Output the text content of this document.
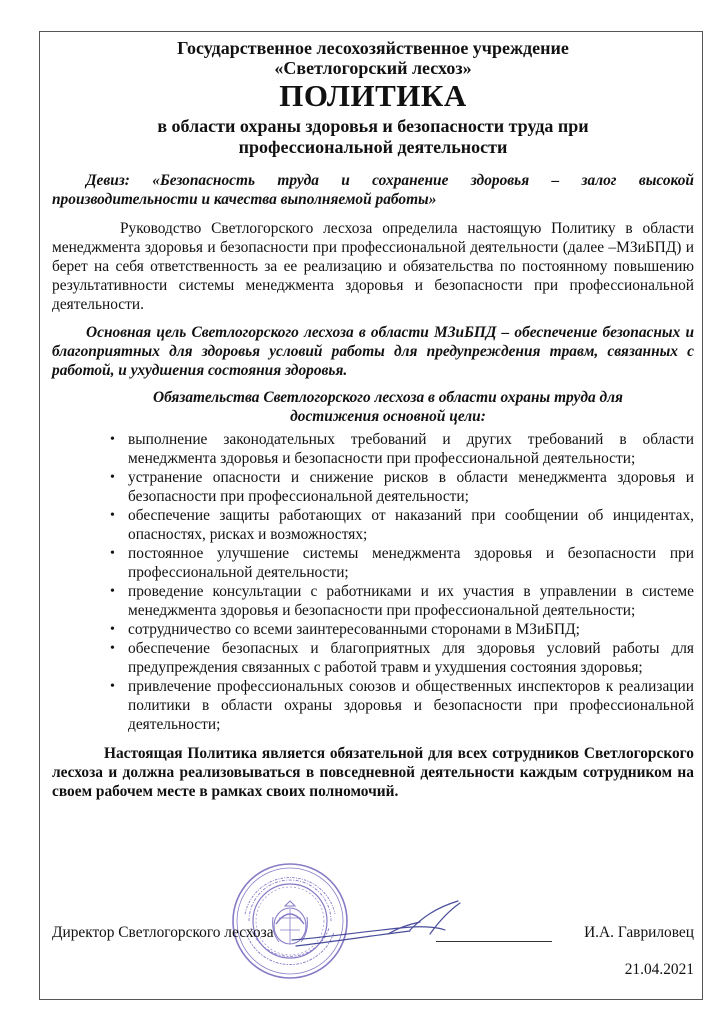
Государственное лесохозяйственное учреждение
«Светлогорский лесхоз»
ПОЛИТИКА
в области охраны здоровья и безопасности труда при
профессиональной деятельности
Девиз: «Безопасность труда и сохранение здоровья – залог высокой производительности и качества выполняемой работы»
Руководство Светлогорского лесхоза определила настоящую Политику в области менеджмента здоровья и безопасности при профессиональной деятельности (далее –МЗиБПД) и берет на себя ответственность за ее реализацию и обязательства по постоянному повышению результативности системы менеджмента здоровья и безопасности при профессиональной деятельности.
Основная цель Светлогорского лесхоза в области МЗиБПД – обеспечение безопасных и благоприятных для здоровья условий работы для предупреждения травм, связанных с работой, и ухудшения состояния здоровья.
Обязательства Светлогорского лесхоза в области охраны труда для достижения основной цели:
• выполнение законодательных требований и других требований в области менеджмента здоровья и безопасности при профессиональной деятельности;
• устранение опасности и снижение рисков в области менеджмента здоровья и безопасности при профессиональной деятельности;
• обеспечение защиты работающих от наказаний при сообщении об инцидентах, опасностях, рисках и возможностях;
• постоянное улучшение системы менеджмента здоровья и безопасности при профессиональной деятельности;
• проведение консультации с работниками и их участия в управлении в системе менеджмента здоровья и безопасности при профессиональной деятельности;
• сотрудничество со всеми заинтересованными сторонами в МЗиБПД;
• обеспечение безопасных и благоприятных для здоровья условий работы для предупреждения связанных с работой травм и ухудшения состояния здоровья;
• привлечение профессиональных союзов и общественных инспекторов к реализации политики в области охраны здоровья и безопасности при профессиональной деятельности;
Настоящая Политика является обязательной для всех сотрудников Светлогорского лесхоза и должна реализовываться в повседневной деятельности каждым сотрудником на своем рабочем месте в рамках своих полномочий.
Директор Светлогорского лесхоза	И.А. Гавриловец
21.04.2021
